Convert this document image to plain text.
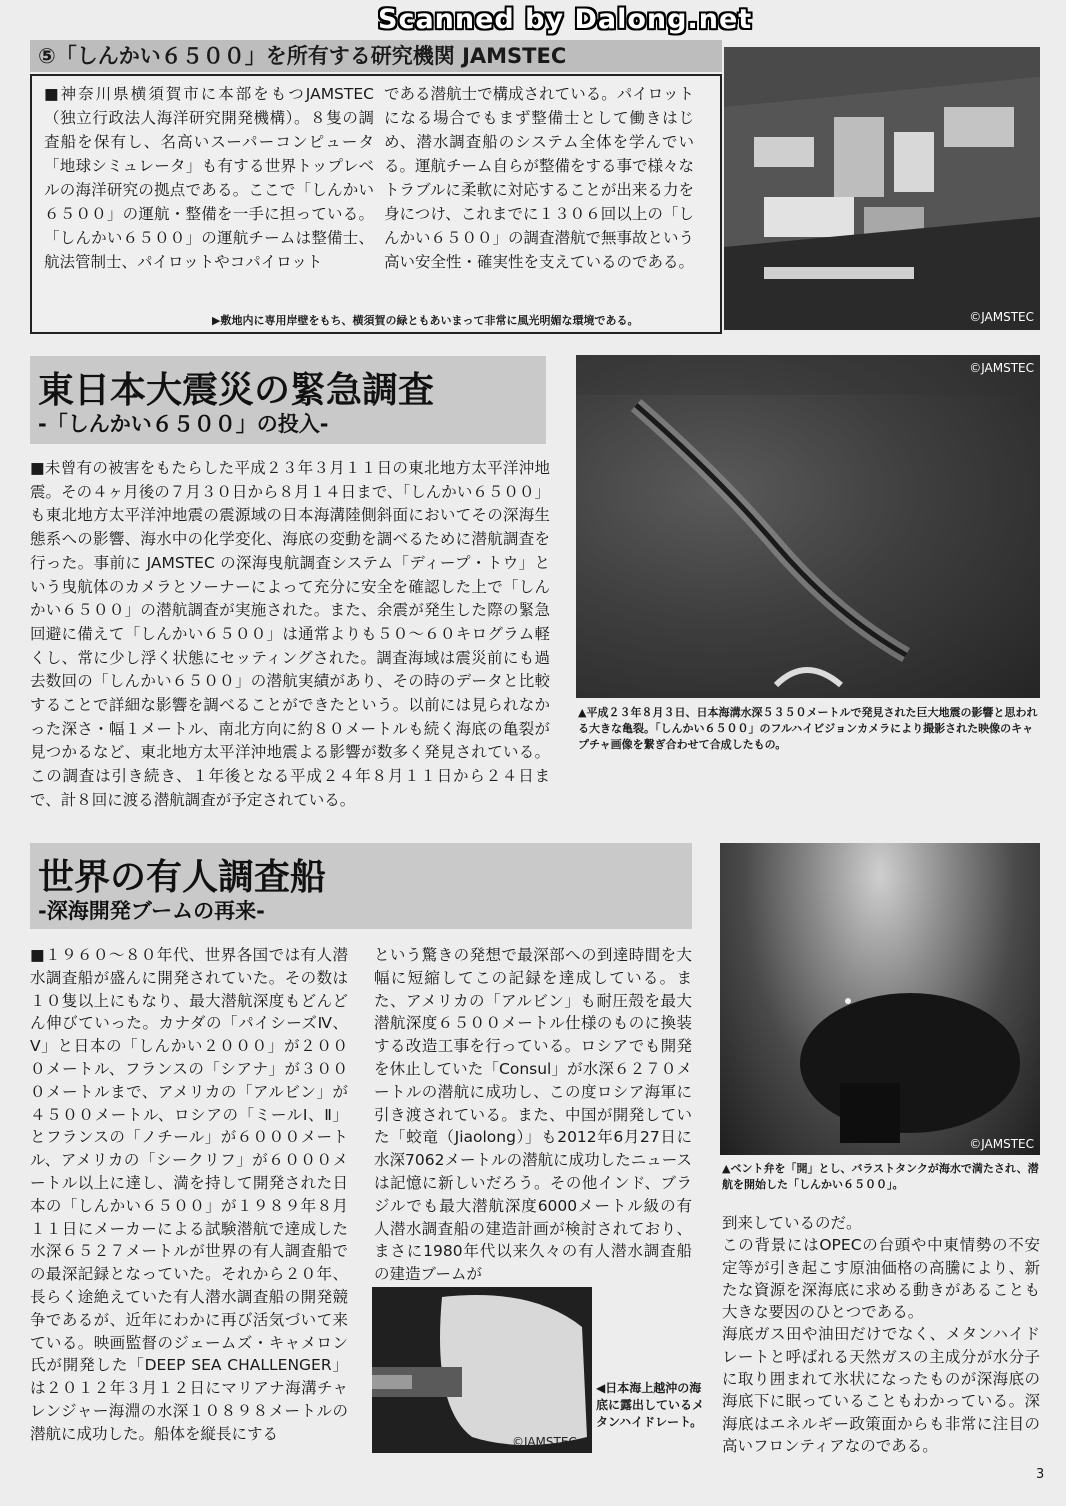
Scanned by Dalong.net
⑤「しんかい６５００」を所有する研究機関 JAMSTEC
■神奈川県横須賀市に本部をもつJAMSTEC（独立行政法人海洋研究開発機構）。８隻の調査船を保有し、名高いスーパーコンピュータ「地球シミュレータ」も有する世界トップレベルの海洋研究の拠点である。ここで「しんかい６５００」の運航・整備を一手に担っている。「しんかい６５００」の運航チームは整備士、航法管制士、パイロットやコパイロット
である潜航士で構成されている。パイロットになる場合でもまず整備士として働きはじめ、潜水調査船のシステム全体を学んでいる。運航チーム自らが整備をする事で様々なトラブルに柔軟に対応することが出来る力を身につけ、これまでに１３０６回以上の「しんかい６５００」の調査潜航で無事故という高い安全性・確実性を支えているのである。
▶敷地内に専用岸壁をもち、横須賀の緑ともあいまって非常に風光明媚な環境である。	©JAMSTEC
東日本大震災の緊急調査
-「しんかい６５００」の投入-
■未曾有の被害をもたらした平成２３年３月１１日の東北地方太平洋沖地震。その４ヶ月後の７月３０日から８月１４日まで、「しんかい６５００」も東北地方太平洋沖地震の震源域の日本海溝陸側斜面においてその深海生態系への影響、海水中の化学変化、海底の変動を調べるために潜航調査を行った。事前に JAMSTEC の深海曳航調査システム「ディープ・トウ」という曳航体のカメラとソーナーによって充分に安全を確認した上で「しんかい６５００」の潜航調査が実施された。また、余震が発生した際の緊急回避に備えて「しんかい６５００」は通常よりも５０〜６０キログラム軽くし、常に少し浮く状態にセッティングされた。調査海域は震災前にも過去数回の「しんかい６５００」の潜航実績があり、その時のデータと比較することで詳細な影響を調べることができたという。以前には見られなかった深さ・幅１メートル、南北方向に約８０メートルも続く海底の亀裂が見つかるなど、東北地方太平洋沖地震よる影響が数多く発見されている。この調査は引き続き、１年後となる平成２４年８月１１日から２４日まで、計８回に渡る潜航調査が予定されている。
©JAMSTEC
▲平成２３年８月３日、日本海溝水深５３５０メートルで発見された巨大地震の影響と思われる大きな亀裂。「しんかい６５００」のフルハイビジョンカメラにより撮影された映像のキャプチャ画像を繋ぎ合わせて合成したもの。
世界の有人調査船
-深海開発ブームの再来-
■１９６０〜８０年代、世界各国では有人潜水調査船が盛んに開発されていた。その数は１０隻以上にもなり、最大潜航深度もどんどん伸びていった。カナダの「パイシーズⅣ、Ⅴ」と日本の「しんかい２０００」が２０００メートル、フランスの「シアナ」が３０００メートルまで、アメリカの「アルビン」が４５００メートル、ロシアの「ミールⅠ、Ⅱ」とフランスの「ノチール」が６０００メートル、アメリカの「シークリフ」が６０００メートル以上に達し、満を持して開発された日本の「しんかい６５００」が１９８９年８月１１日にメーカーによる試験潜航で達成した水深６５２７メートルが世界の有人調査船での最深記録となっていた。それから２０年、長らく途絶えていた有人潜水調査船の開発競争であるが、近年にわかに再び活気づいて来ている。映画監督のジェームズ・キャメロン氏が開発した「DEEP SEA CHALLENGER」は２０１２年３月１２日にマリアナ海溝チャレンジャー海淵の水深１０８９８メートルの潜航に成功した。船体を縦長にする
という驚きの発想で最深部への到達時間を大幅に短縮してこの記録を達成している。また、アメリカの「アルビン」も耐圧殻を最大潜航深度６５００メートル仕様のものに換装する改造工事を行っている。ロシアでも開発を休止していた「Consul」が水深６２７０メートルの潜航に成功し、この度ロシア海軍に引き渡されている。また、中国が開発していた「蛟竜（Jiaolong）」も2012年6月27日に水深7062メートルの潜航に成功したニュースは記憶に新しいだろう。その他インド、ブラジルでも最大潜航深度6000メートル級の有人潜水調査船の建造計画が検討されており、まさに1980年代以来久々の有人潜水調査船の建造ブームが
到来しているのだ。
この背景にはOPECの台頭や中東情勢の不安定等が引き起こす原油価格の高騰により、新たな資源を深海底に求める動きがあることも大きな要因のひとつである。
海底ガス田や油田だけでなく、メタンハイドレートと呼ばれる天然ガスの主成分が水分子に取り囲まれて氷状になったものが深海底の海底下に眠っていることもわかっている。深海底はエネルギー政策面からも非常に注目の高いフロンティアなのである。
©JAMSTEC
▲ベント弁を「開」とし、バラストタンクが海水で満たされ、潜航を開始した「しんかい６５００」。
©JAMSTEC
◀日本海上越沖の海底に露出しているメタンハイドレート。
3
